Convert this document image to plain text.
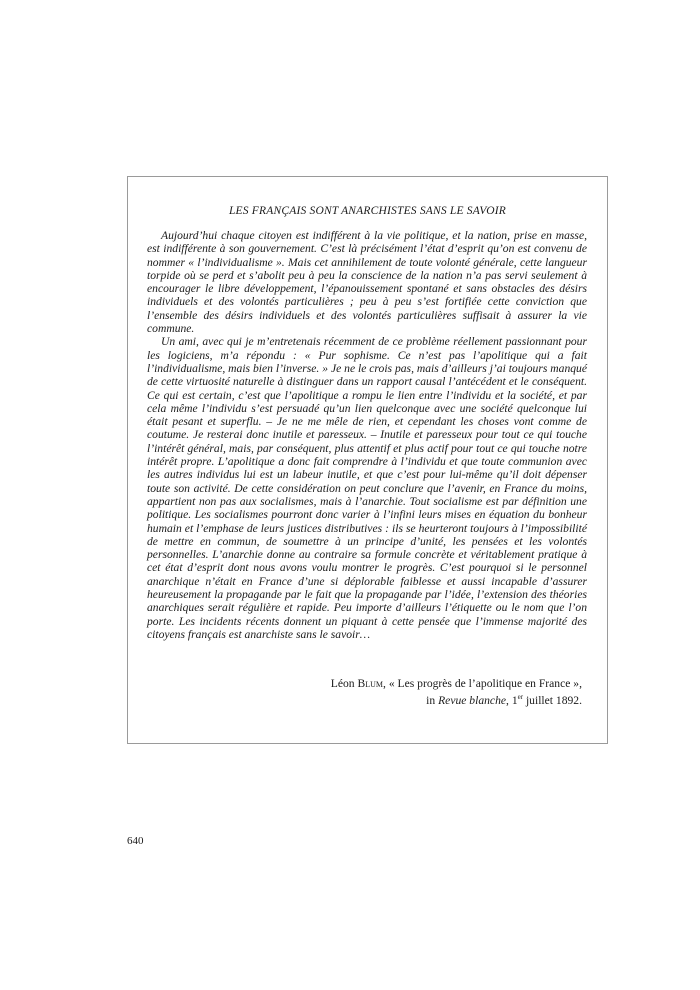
LES FRANÇAIS SONT ANARCHISTES SANS LE SAVOIR

Aujourd’hui chaque citoyen est indifférent à la vie politique, et la nation, prise en masse, est indifférente à son gouvernement. C’est là précisément l’état d’esprit qu’on est convenu de nommer « l’individualisme ». Mais cet annihilement de toute volonté générale, cette langueur torpide où se perd et s’abolit peu à peu la conscience de la nation n’a pas servi seulement à encourager le libre développement, l’épanouissement spontané et sans obstacles des désirs individuels et des volontés particulières ; peu à peu s’est fortifiée cette conviction que l’ensemble des désirs individuels et des volontés particulières suffisait à assurer la vie commune.

Un ami, avec qui je m’entretenais récemment de ce problème réellement passionnant pour les logiciens, m’a répondu : « Pur sophisme. Ce n’est pas l’apolitique qui a fait l’individualisme, mais bien l’inverse. » Je ne le crois pas, mais d’ailleurs j’ai toujours manqué de cette virtuosité naturelle à distinguer dans un rapport causal l’antécédent et le conséquent. Ce qui est certain, c’est que l’apolitique a rompu le lien entre l’individu et la société, et par cela même l’individu s’est persuadé qu’un lien quelconque avec une société quelconque lui était pesant et superflu. – Je ne me mêle de rien, et cependant les choses vont comme de coutume. Je resterai donc inutile et paresseux. – Inutile et paresseux pour tout ce qui touche l’intérêt général, mais, par conséquent, plus attentif et plus actif pour tout ce qui touche notre intérêt propre. L’apolitique a donc fait comprendre à l’individu et que toute communion avec les autres individus lui est un labeur inutile, et que c’est pour lui-même qu’il doit dépenser toute son activité. De cette considération on peut conclure que l’avenir, en France du moins, appartient non pas aux socialismes, mais à l’anarchie. Tout socialisme est par définition une politique. Les socialismes pourront donc varier à l’infini leurs mises en équation du bonheur humain et l’emphase de leurs justices distributives : ils se heurteront toujours à l’impossibilité de mettre en commun, de soumettre à un principe d’unité, les pensées et les volontés personnelles. L’anarchie donne au contraire sa formule concrète et véritablement pratique à cet état d’esprit dont nous avons voulu montrer le progrès. C’est pourquoi si le personnel anarchique n’était en France d’une si déplorable faiblesse et aussi incapable d’assurer heureusement la propagande par le fait que la propagande par l’idée, l’extension des théories anarchiques serait régulière et rapide. Peu importe d’ailleurs l’étiquette ou le nom que l’on porte. Les incidents récents donnent un piquant à cette pensée que l’immense majorité des citoyens français est anarchiste sans le savoir…

Léon Blum, « Les progrès de l’apolitique en France »,
in Revue blanche, 1er juillet 1892.
640
